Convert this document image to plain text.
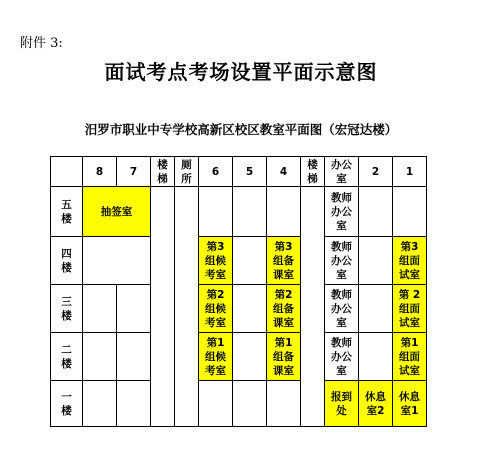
附件 3:
面试考点考场设置平面示意图
汨罗市职业中专学校高新区校区教室平面图（宏冠达楼）
	8	7	楼梯	厕所	6	5	4	楼梯	办公室	2	1
五楼	抽签室								教师办公室		
四楼					第3组候考室		第3组备课室		教师办公室		第3组面试室
三楼					第2组候考室		第2组备课室		教师办公室		第 2组面试室
二楼					第1组候考室		第1组备课室		教师办公室		第1组面试室
一楼									报到处	休息室2	休息室1
